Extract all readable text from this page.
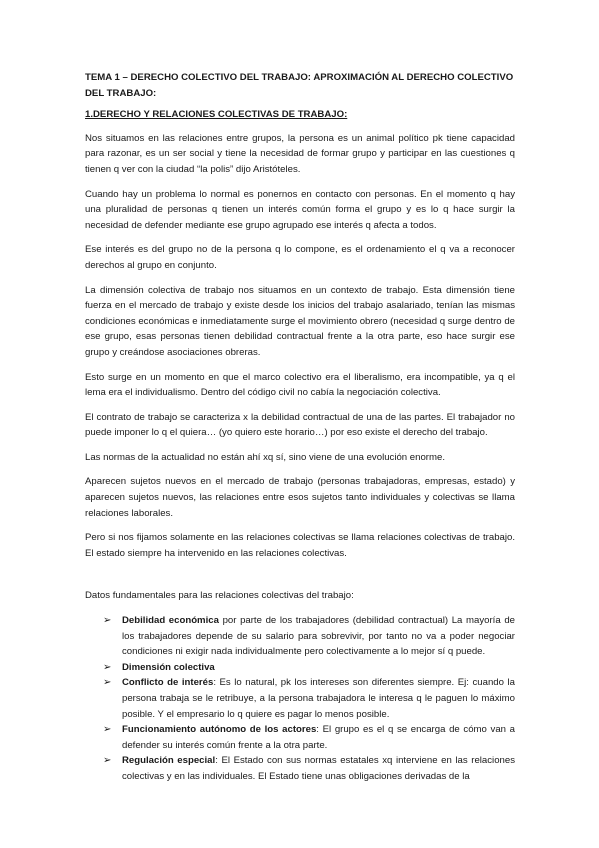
TEMA 1 – DERECHO COLECTIVO DEL TRABAJO: APROXIMACIÓN AL DERECHO COLECTIVO DEL TRABAJO:

1.DERECHO Y RELACIONES COLECTIVAS DE TRABAJO:

Nos situamos en las relaciones entre grupos, la persona es un animal político pk tiene capacidad para razonar, es un ser social y tiene la necesidad de formar grupo y participar en las cuestiones q tienen q ver con la ciudad “la polis” dijo Aristóteles.

Cuando hay un problema lo normal es ponernos en contacto con personas. En el momento q hay una pluralidad de personas q tienen un interés común forma el grupo y es lo q hace surgir la necesidad de defender mediante ese grupo agrupado ese interés q afecta a todos.

Ese interés es del grupo no de la persona q lo compone, es el ordenamiento el q va a reconocer derechos al grupo en conjunto.

La dimensión colectiva de trabajo nos situamos en un contexto de trabajo. Esta dimensión tiene fuerza en el mercado de trabajo y existe desde los inicios del trabajo asalariado, tenían las mismas condiciones económicas e inmediatamente surge el movimiento obrero (necesidad q surge dentro de ese grupo, esas personas tienen debilidad contractual frente a la otra parte, eso hace surgir ese grupo y creándose asociaciones obreras.

Esto surge en un momento en que el marco colectivo era el liberalismo, era incompatible, ya q el lema era el individualismo. Dentro del código civil no cabía la negociación colectiva.

El contrato de trabajo se caracteriza x la debilidad contractual de una de las partes. El trabajador no puede imponer lo q el quiera… (yo quiero este horario…) por eso existe el derecho del trabajo.

Las normas de la actualidad no están ahí xq sí, sino viene de una evolución enorme.

Aparecen sujetos nuevos en el mercado de trabajo (personas trabajadoras, empresas, estado) y aparecen sujetos nuevos, las relaciones entre esos sujetos tanto individuales y colectivas se llama relaciones laborales.

Pero si nos fijamos solamente en las relaciones colectivas se llama relaciones colectivas de trabajo. El estado siempre ha intervenido en las relaciones colectivas.

Datos fundamentales para las relaciones colectivas del trabajo:

➢ Debilidad económica por parte de los trabajadores (debilidad contractual) La mayoría de los trabajadores depende de su salario para sobrevivir, por tanto no va a poder negociar condiciones ni exigir nada individualmente pero colectivamente a lo mejor sí q puede.
➢ Dimensión colectiva
➢ Conflicto de interés: Es lo natural, pk los intereses son diferentes siempre. Ej: cuando la persona trabaja se le retribuye, a la persona trabajadora le interesa q le paguen lo máximo posible. Y el empresario lo q quiere es pagar lo menos posible.
➢ Funcionamiento autónomo de los actores: El grupo es el q se encarga de cómo van a defender su interés común frente a la otra parte.
➢ Regulación especial: El Estado con sus normas estatales xq interviene en las relaciones colectivas y en las individuales. El Estado tiene unas obligaciones derivadas de la
